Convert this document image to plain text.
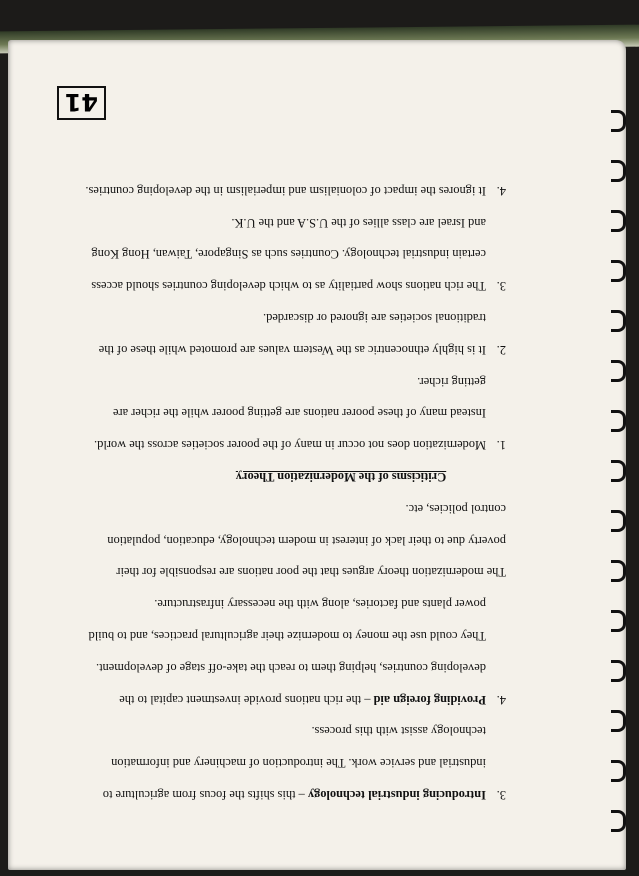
41
3.

Introducing industrial technology – this shifts the focus from agriculture to industrial and service work. The introduction of machinery and information technology assist with this process.

4.

Providing foreign aid – the rich nations provide investment capital to the developing countries, helping them to reach the take-off stage of development. They could use the money to modernize their agricultural practices, and to build power plants and factories, along with the necessary infrastructure.

The modernization theory argues that the poor nations are responsible for their poverty due to their lack of interest in modern technology, education, population control policies, etc.

Criticisms of the Modernization Theory

1.

Modernization does not occur in many of the poorer societies across the world. Instead many of these poorer nations are getting poorer while the richer are getting richer.

2.

It is highly ethnocentric as the Western values are promoted while these of the traditional societies are ignored or discarded.

3.

The rich nations show partiality as to which developing countries should access certain industrial technology. Countries such as Singapore, Taiwan, Hong Kong and Israel are class allies of the U.S.A and the U.K.

4.

It ignores the impact of colonialism and imperialism in the developing countries.
